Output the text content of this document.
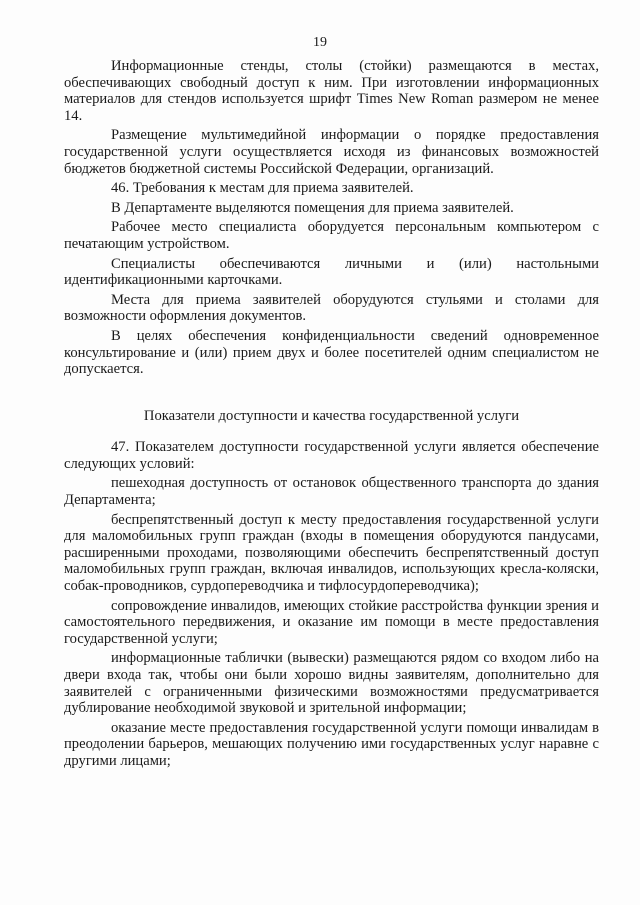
19

Информационные стенды, столы (стойки) размещаются в местах, обеспечивающих свободный доступ к ним. При изготовлении информационных материалов для стендов используется шрифт Times New Roman размером не менее 14.

Размещение мультимедийной информации о порядке предоставления государственной услуги осуществляется исходя из финансовых возможностей бюджетов бюджетной системы Российской Федерации, организаций.

46. Требования к местам для приема заявителей.

В Департаменте выделяются помещения для приема заявителей.

Рабочее место специалиста оборудуется персональным компьютером с печатающим устройством.

Специалисты обеспечиваются личными и (или) настольными идентификационными карточками.

Места для приема заявителей оборудуются стульями и столами для возможности оформления документов.

В целях обеспечения конфиденциальности сведений одновременное консультирование и (или) прием двух и более посетителей одним специалистом не допускается.

Показатели доступности и качества государственной услуги

47. Показателем доступности государственной услуги является обеспечение следующих условий:

пешеходная доступность от остановок общественного транспорта до здания Департамента;

беспрепятственный доступ к месту предоставления государственной услуги для маломобильных групп граждан (входы в помещения оборудуются пандусами, расширенными проходами, позволяющими обеспечить беспрепятственный доступ маломобильных групп граждан, включая инвалидов, использующих кресла-коляски, собак-проводников, сурдопереводчика и тифлосурдопереводчика);

сопровождение инвалидов, имеющих стойкие расстройства функции зрения и самостоятельного передвижения, и оказание им помощи в месте предоставления государственной услуги;

информационные таблички (вывески) размещаются рядом со входом либо на двери входа так, чтобы они были хорошо видны заявителям, дополнительно для заявителей с ограниченными физическими возможностями предусматривается дублирование необходимой звуковой и зрительной информации;

оказание месте предоставления государственной услуги помощи инвалидам в преодолении барьеров, мешающих получению ими государственных услуг наравне с другими лицами;
